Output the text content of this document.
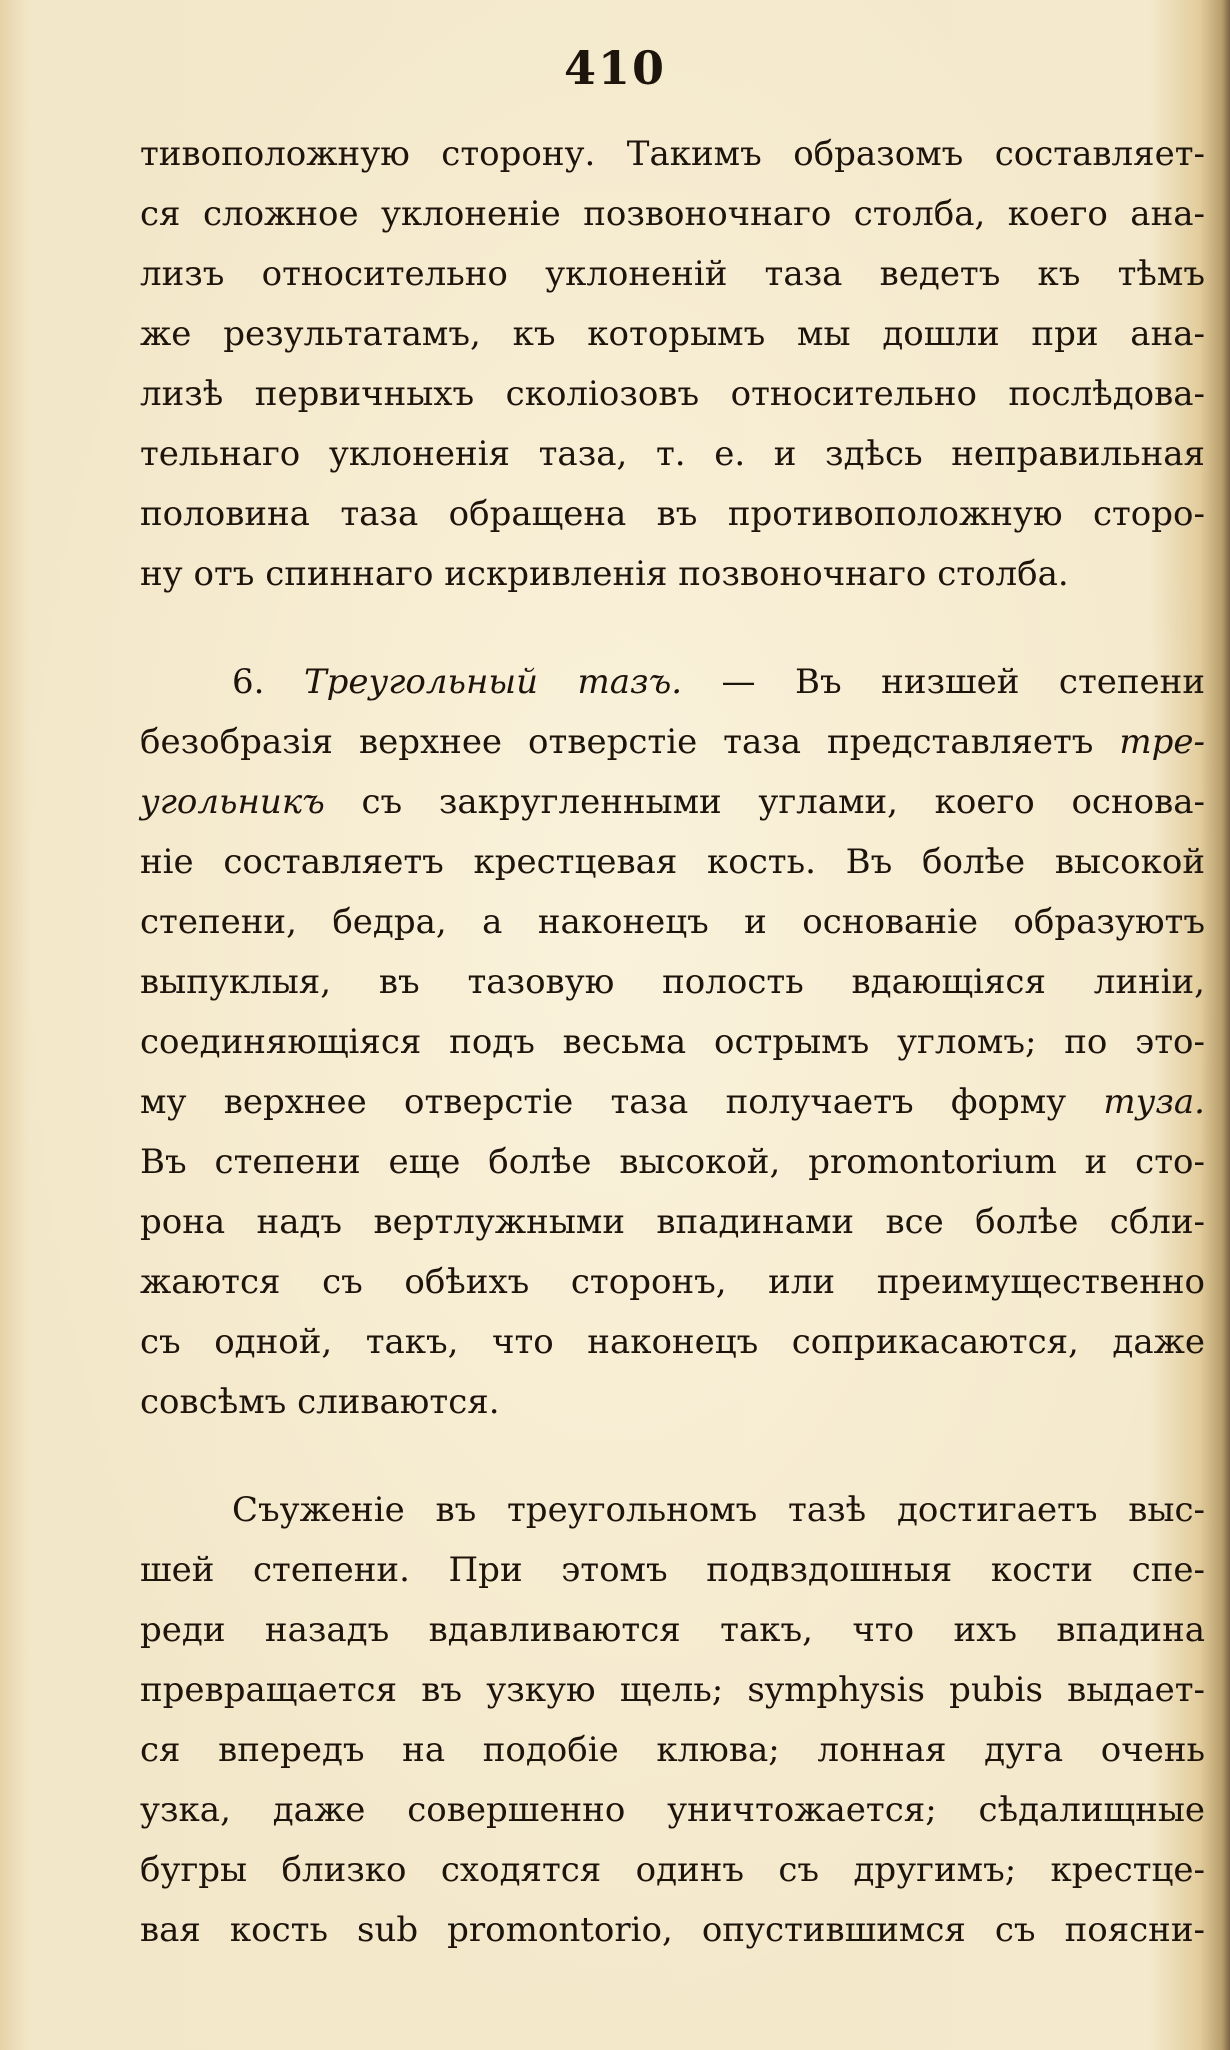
410
тивоположную сторону. Такимъ образомъ составляет-
ся сложное уклоненіе позвоночнаго столба, коего ана-
лизъ относительно уклоненій таза ведетъ къ тѣмъ
же результатамъ, къ которымъ мы дошли при ана-
лизѣ первичныхъ сколіозовъ относительно послѣдова-
тельнаго уклоненія таза, т. е. и здѣсь неправильная
половина таза обращена въ противоположную сторо-
ну отъ спиннаго искривленія позвоночнаго столба.
6. Треугольный тазъ. — Въ низшей степени
безобразія верхнее отверстіе таза представляетъ тре-
угольникъ съ закругленными углами, коего основа-
ніе составляетъ крестцевая кость. Въ болѣе высокой
степени, бедра, а наконецъ и основаніе образуютъ
выпуклыя, въ тазовую полость вдающіяся линіи,
соединяющіяся подъ весьма острымъ угломъ; по это-
му верхнее отверстіе таза получаетъ форму туза.
Въ степени еще болѣе высокой, promontorium и сто-
рона надъ вертлужными впадинами все болѣе сбли-
жаются съ обѣихъ сторонъ, или преимущественно
съ одной, такъ, что наконецъ соприкасаются, даже
совсѣмъ сливаются.
Съуженіе въ треугольномъ тазѣ достигаетъ выс-
шей степени. При этомъ подвздошныя кости спе-
реди назадъ вдавливаются такъ, что ихъ впадина
превращается въ узкую щель; symphysis pubis выдает-
ся впередъ на подобіе клюва; лонная дуга очень
узка, даже совершенно уничтожается; сѣдалищные
бугры близко сходятся одинъ съ другимъ; крестце-
вая кость sub promontorio, опустившимся съ поясни-
